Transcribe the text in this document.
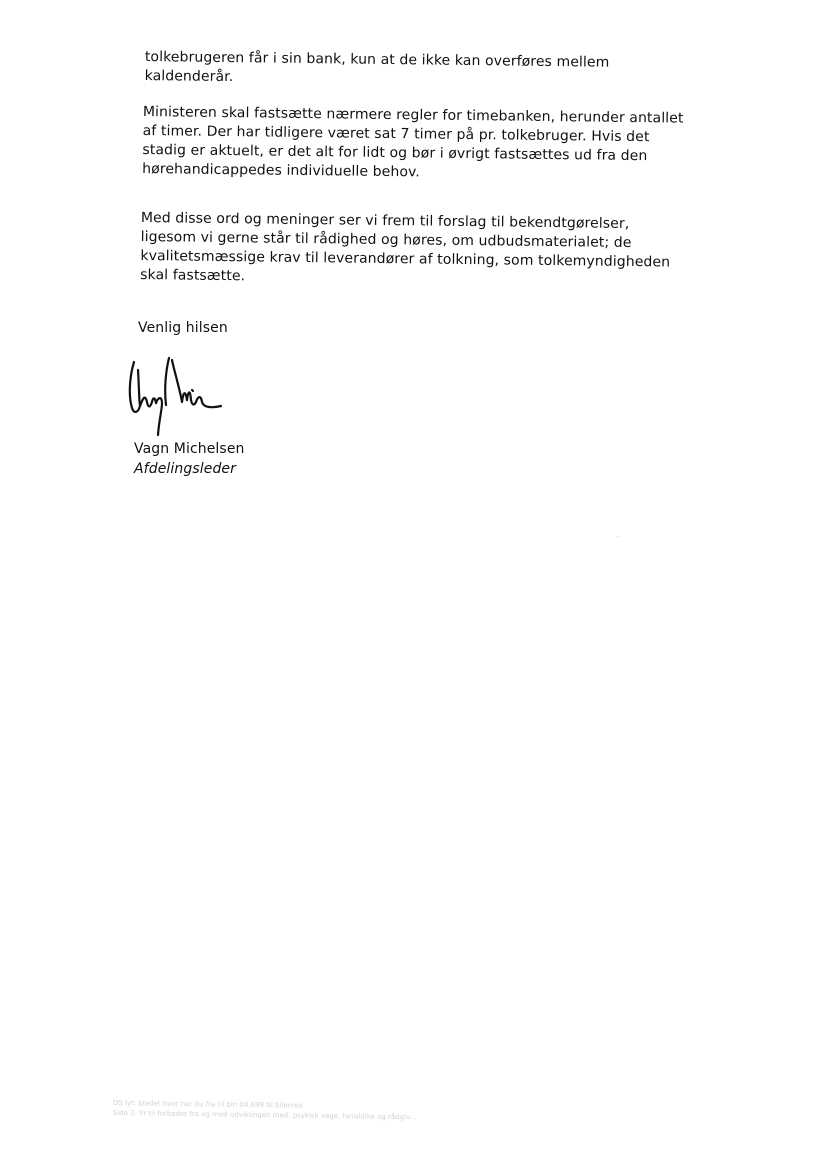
tolkebrugeren får i sin bank, kun at de ikke kan overføres mellem
kaldenderår.

Ministeren skal fastsætte nærmere regler for timebanken, herunder antallet
af timer. Der har tidligere været sat 7 timer på pr. tolkebruger. Hvis det
stadig er aktuelt, er det alt for lidt og bør i øvrigt fastsættes ud fra den
hørehandicappedes individuelle behov.

Med disse ord og meninger ser vi frem til forslag til bekendtgørelser,
ligesom vi gerne står til rådighed og høres, om udbudsmaterialet; de
kvalitetsmæssige krav til leverandører af tolkning, som tolkemyndigheden
skal fastsætte.

Venlig hilsen

Vagn Michelsen

Afdelingsleder

DS lyt: bladet hvor har du fra til bin 04.699 til bilernes
Side 2. Yr til forbedre fra og med udviklingen med, psykisk vage, heraldike og rådgiv...
